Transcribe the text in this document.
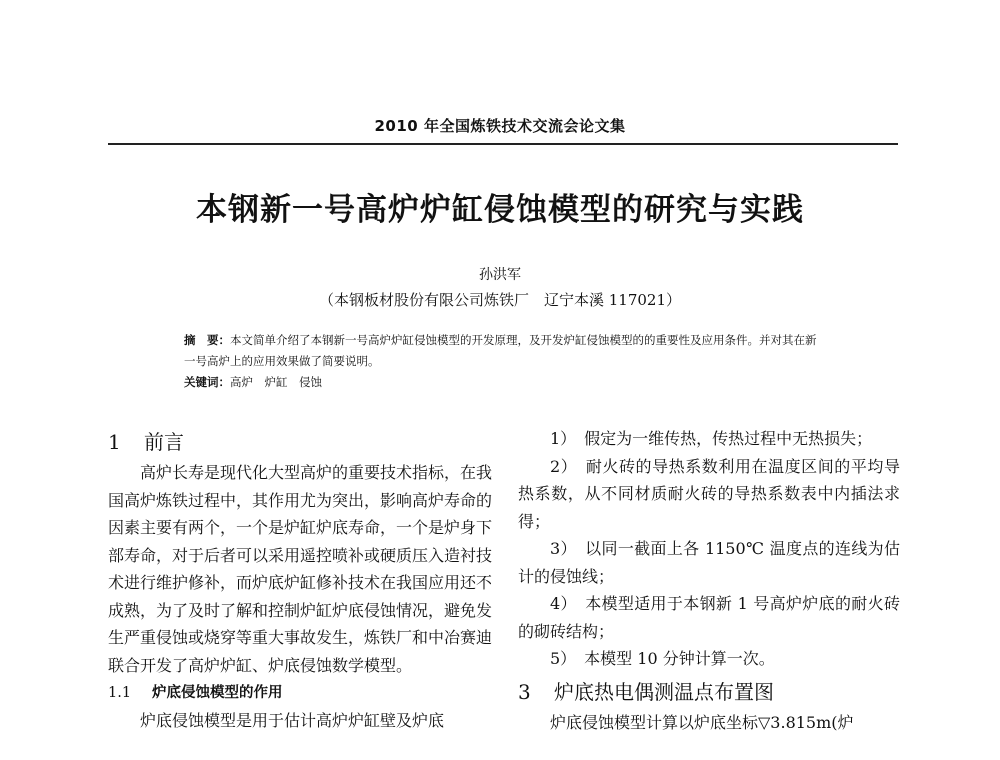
2010 年全国炼铁技术交流会论文集
本钢新一号高炉炉缸侵蚀模型的研究与实践
孙洪军
（本钢板材股份有限公司炼铁厂　辽宁本溪 117021）
摘　要：本文简单介绍了本钢新一号高炉炉缸侵蚀模型的开发原理，及开发炉缸侵蚀模型的的重要性及应用条件。并对其在新一号高炉上的应用效果做了简要说明。
关键词：高炉　炉缸　侵蚀
1 前言

高炉长寿是现代化大型高炉的重要技术指标，在我国高炉炼铁过程中，其作用尤为突出，影响高炉寿命的因素主要有两个，一个是炉缸炉底寿命，一个是炉身下部寿命，对于后者可以采用遥控喷补或硬质压入造衬技术进行维护修补，而炉底炉缸修补技术在我国应用还不成熟，为了及时了解和控制炉缸炉底侵蚀情况，避免发生严重侵蚀或烧穿等重大事故发生，炼铁厂和中冶赛迪联合开发了高炉炉缸、炉底侵蚀数学模型。

1.1 炉底侵蚀模型的作用

炉底侵蚀模型是用于估计高炉炉缸壁及炉底

1）　假定为一维传热，传热过程中无热损失；

2）　耐火砖的导热系数利用在温度区间的平均导热系数，从不同材质耐火砖的导热系数表中内插法求得；

3）　以同一截面上各 1150℃ 温度点的连线为估计的侵蚀线；

4）　本模型适用于本钢新 1 号高炉炉底的耐火砖的砌砖结构；

5）　本模型 10 分钟计算一次。

3 炉底热电偶测温点布置图

炉底侵蚀模型计算以炉底坐标▽3.815m(炉
